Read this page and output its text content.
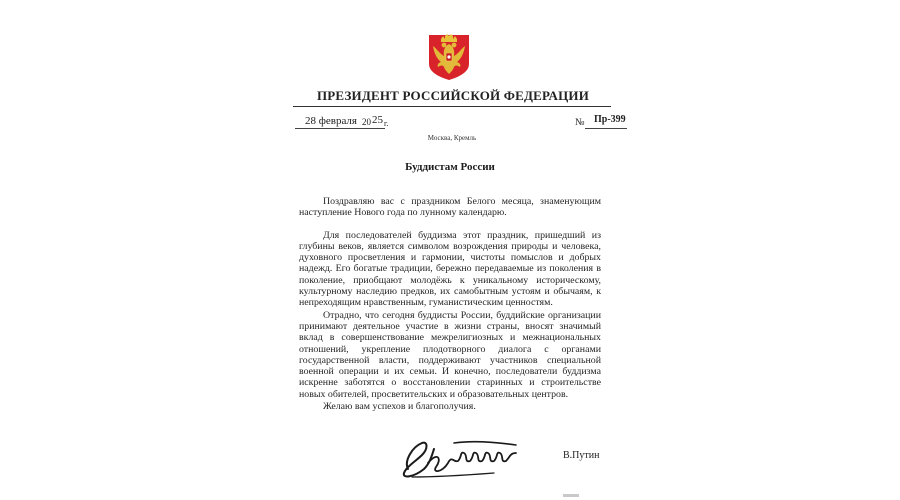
ПРЕЗИДЕНТ РОССИЙСКОЙ ФЕДЕРАЦИИ
28 февраля 20 25 г.	№ Пр-399
Москва, Кремль
Буддистам России

Поздравляю вас с праздником Белого месяца, знаменующим наступление Нового года по лунному календарю.

Для последователей буддизма этот праздник, пришедший из глубины веков, является символом возрождения природы и человека, духовного просветления и гармонии, чистоты помыслов и добрых надежд. Его богатые традиции, бережно передаваемые из поколения в поколение, приобщают молодёжь к уникальному историческому, культурному наследию предков, их самобытным устоям и обычаям, к непреходящим нравственным, гуманистическим ценностям.

Отрадно, что сегодня буддисты России, буддийские организации принимают деятельное участие в жизни страны, вносят значимый вклад в совершенствование межрелигиозных и межнациональных отношений, укрепление плодотворного диалога с органами государственной власти, поддерживают участников специальной военной операции и их семьи. И конечно, последователи буддизма искренне заботятся о восстановлении старинных и строительстве новых обителей, просветительских и образовательных центров.

Желаю вам успехов и благополучия.

В.Путин
